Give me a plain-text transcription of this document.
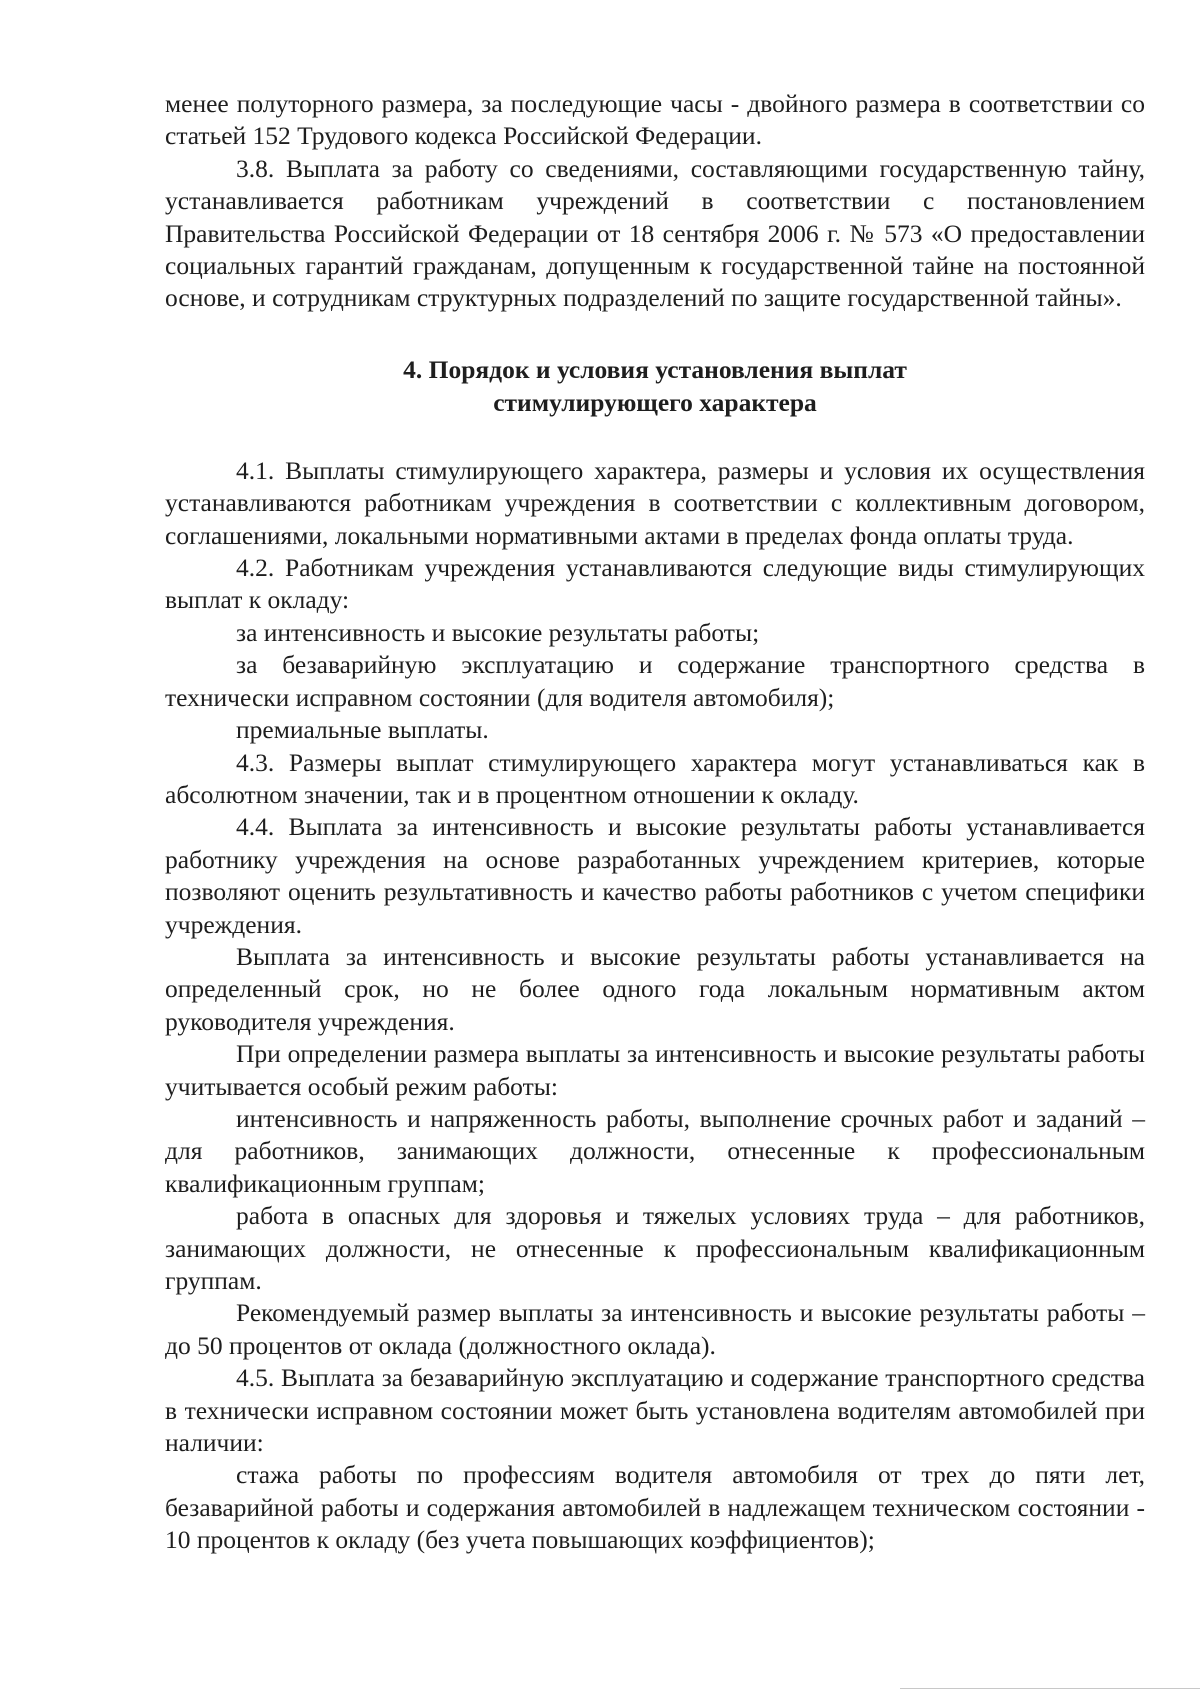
менее полуторного размера, за последующие часы - двойного размера в соответствии со статьей 152 Трудового кодекса Российской Федерации.

3.8. Выплата за работу со сведениями, составляющими государственную тайну, устанавливается работникам учреждений в соответствии с постановлением Правительства Российской Федерации от 18 сентября 2006 г. № 573 «О предоставлении социальных гарантий гражданам, допущенным к государственной тайне на постоянной основе, и сотрудникам структурных подразделений по защите государственной тайны».

4. Порядок и условия установления выплат
стимулирующего характера

4.1. Выплаты стимулирующего характера, размеры и условия их осуществления устанавливаются работникам учреждения в соответствии с коллективным договором, соглашениями, локальными нормативными актами в пределах фонда оплаты труда.

4.2. Работникам учреждения устанавливаются следующие виды стимулирующих выплат к окладу:

за интенсивность и высокие результаты работы;

за безаварийную эксплуатацию и содержание транспортного средства в технически исправном состоянии (для водителя автомобиля);

премиальные выплаты.

4.3. Размеры выплат стимулирующего характера могут устанавливаться как в абсолютном значении, так и в процентном отношении к окладу.

4.4. Выплата за интенсивность и высокие результаты работы устанавливается работнику учреждения на основе разработанных учреждением критериев, которые позволяют оценить результативность и качество работы работников с учетом специфики учреждения.

Выплата за интенсивность и высокие результаты работы устанавливается на определенный срок, но не более одного года локальным нормативным актом руководителя учреждения.

При определении размера выплаты за интенсивность и высокие результаты работы учитывается особый режим работы:

интенсивность и напряженность работы, выполнение срочных работ и заданий – для работников, занимающих должности, отнесенные к профессиональным квалификационным группам;

работа в опасных для здоровья и тяжелых условиях труда – для работников, занимающих должности, не отнесенные к профессиональным квалификационным группам.

Рекомендуемый размер выплаты за интенсивность и высокие результаты работы – до 50 процентов от оклада (должностного оклада).

4.5. Выплата за безаварийную эксплуатацию и содержание транспортного средства в технически исправном состоянии может быть установлена водителям автомобилей при наличии:

стажа работы по профессиям водителя автомобиля от трех до пяти лет, безаварийной работы и содержания автомобилей в надлежащем техническом состоянии - 10 процентов к окладу (без учета повышающих коэффициентов);
